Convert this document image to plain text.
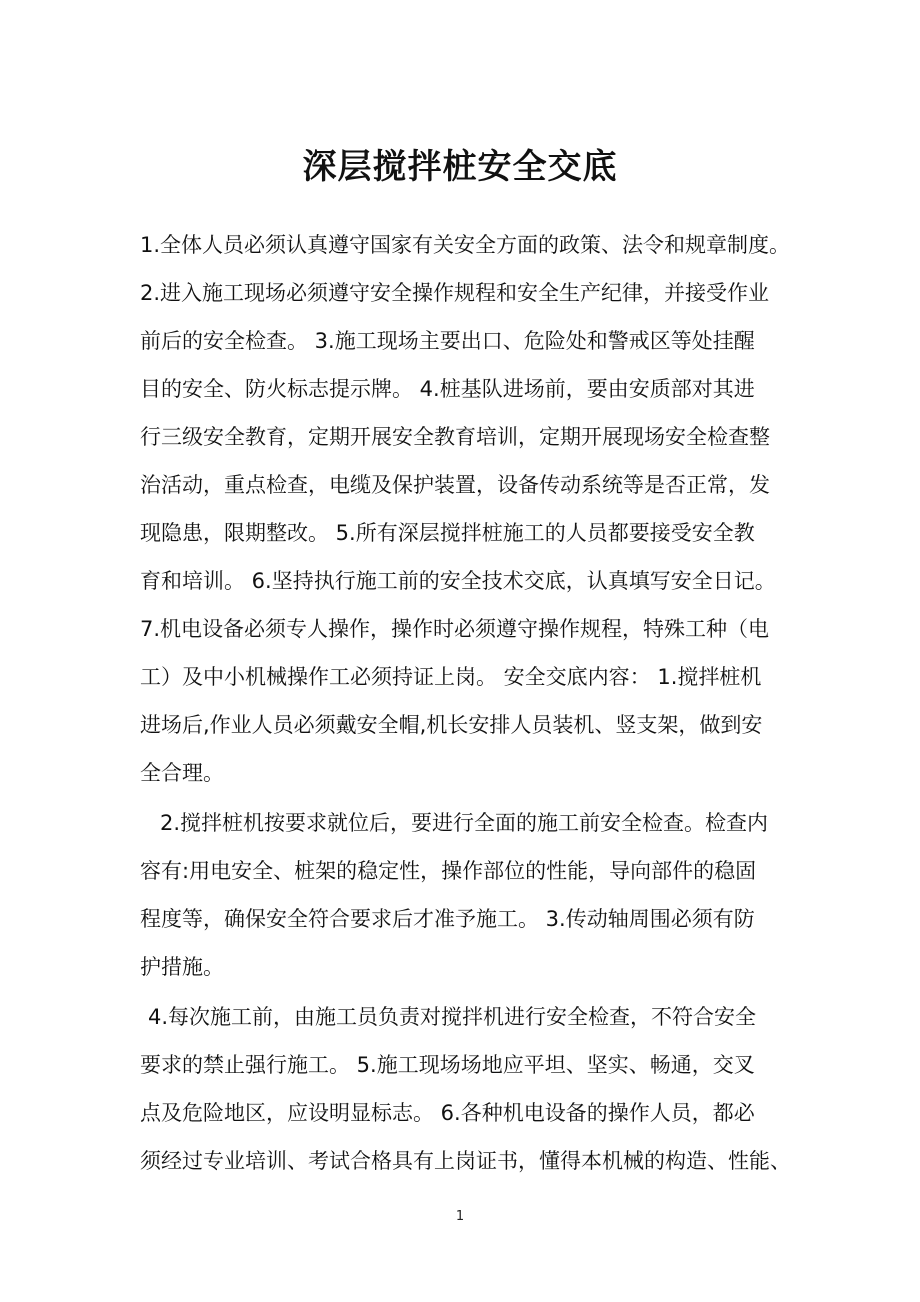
深层搅拌桩安全交底
1.全体人员必须认真遵守国家有关安全方面的政策、法令和规章制度。
2.进入施工现场必须遵守安全操作规程和安全生产纪律，并接受作业
前后的安全检查。 3.施工现场主要出口、危险处和警戒区等处挂醒
目的安全、防火标志提示牌。 4.桩基队进场前，要由安质部对其进
行三级安全教育，定期开展安全教育培训，定期开展现场安全检查整
治活动，重点检查，电缆及保护装置，设备传动系统等是否正常，发
现隐患，限期整改。 5.所有深层搅拌桩施工的人员都要接受安全教
育和培训。 6.坚持执行施工前的安全技术交底，认真填写安全日记。
7.机电设备必须专人操作，操作时必须遵守操作规程，特殊工种（电
工）及中小机械操作工必须持证上岗。 安全交底内容： 1.搅拌桩机
进场后,作业人员必须戴安全帽,机长安排人员装机、竖支架，做到安
全合理。
2.搅拌桩机按要求就位后，要进行全面的施工前安全检查。检查内
容有:用电安全、桩架的稳定性，操作部位的性能，导向部件的稳固
程度等，确保安全符合要求后才准予施工。 3.传动轴周围必须有防
护措施。
4.每次施工前，由施工员负责对搅拌机进行安全检查，不符合安全
要求的禁止强行施工。 5.施工现场场地应平坦、坚实、畅通，交叉
点及危险地区，应设明显标志。 6.各种机电设备的操作人员，都必
须经过专业培训、考试合格具有上岗证书，懂得本机械的构造、性能、
1
